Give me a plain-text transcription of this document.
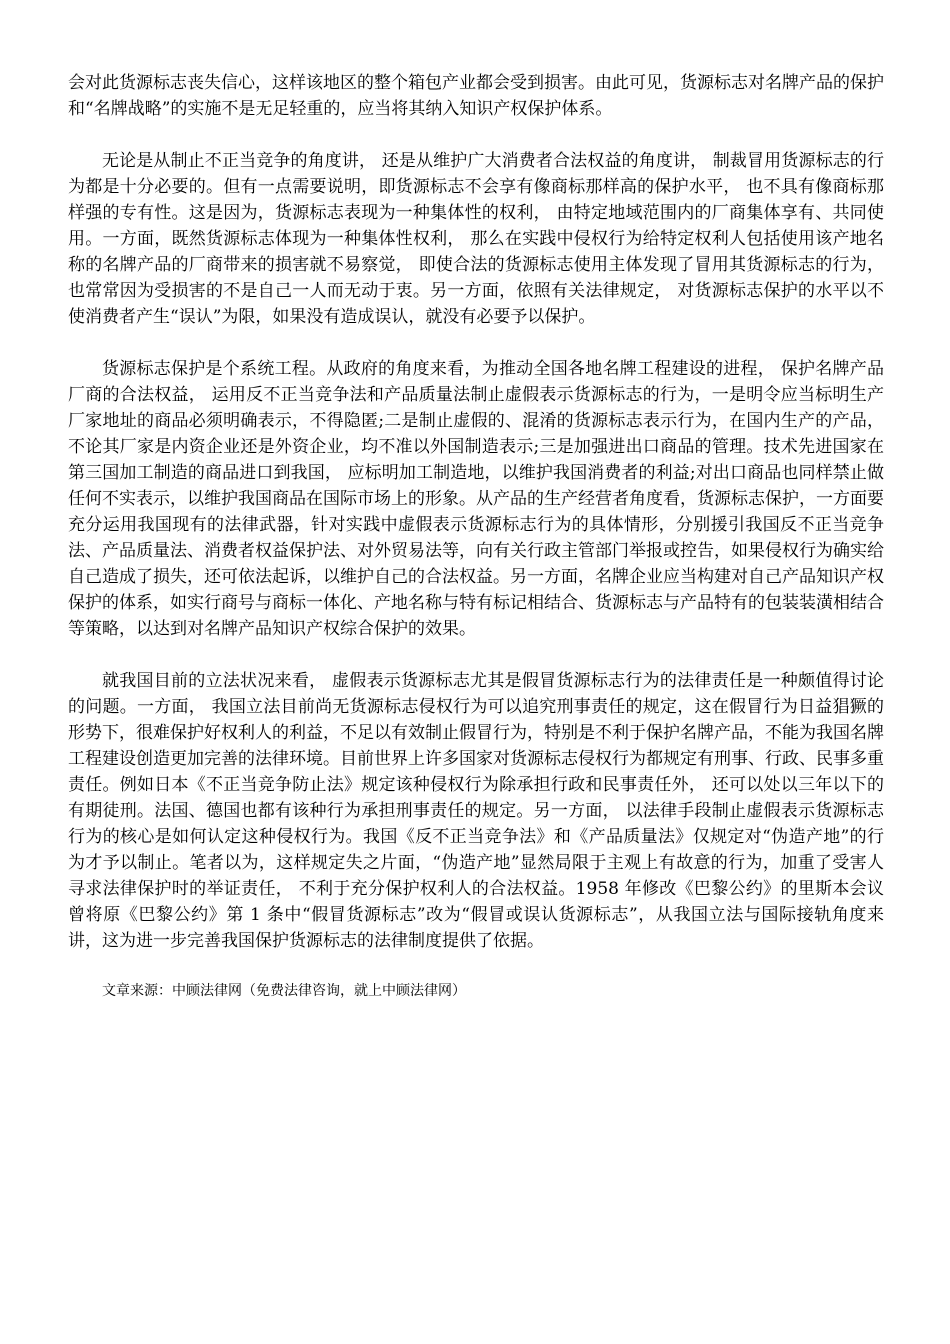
会对此货源标志丧失信心，这样该地区的整个箱包产业都会受到损害。由此可见，货源标志对名牌产品的保护和“名牌战略”的实施不是无足轻重的，应当将其纳入知识产权保护体系。

无论是从制止不正当竞争的角度讲， 还是从维护广大消费者合法权益的角度讲， 制裁冒用货源标志的行为都是十分必要的。但有一点需要说明，即货源标志不会享有像商标那样高的保护水平， 也不具有像商标那样强的专有性。这是因为，货源标志表现为一种集体性的权利， 由特定地域范围内的厂商集体享有、共同使用。一方面，既然货源标志体现为一种集体性权利， 那么在实践中侵权行为给特定权利人包括使用该产地名称的名牌产品的厂商带来的损害就不易察觉， 即使合法的货源标志使用主体发现了冒用其货源标志的行为， 也常常因为受损害的不是自己一人而无动于衷。另一方面，依照有关法律规定， 对货源标志保护的水平以不使消费者产生“误认”为限，如果没有造成误认，就没有必要予以保护。

货源标志保护是个系统工程。从政府的角度来看，为推动全国各地名牌工程建设的进程， 保护名牌产品厂商的合法权益， 运用反不正当竞争法和产品质量法制止虚假表示货源标志的行为，一是明令应当标明生产厂家地址的商品必须明确表示，不得隐匿;二是制止虚假的、混淆的货源标志表示行为，在国内生产的产品，不论其厂家是内资企业还是外资企业，均不准以外国制造表示;三是加强进出口商品的管理。技术先进国家在第三国加工制造的商品进口到我国， 应标明加工制造地，以维护我国消费者的利益;对出口商品也同样禁止做任何不实表示，以维护我国商品在国际市场上的形象。从产品的生产经营者角度看，货源标志保护，一方面要充分运用我国现有的法律武器，针对实践中虚假表示货源标志行为的具体情形，分别援引我国反不正当竞争法、产品质量法、消费者权益保护法、对外贸易法等，向有关行政主管部门举报或控告，如果侵权行为确实给自己造成了损失，还可依法起诉，以维护自己的合法权益。另一方面，名牌企业应当构建对自己产品知识产权保护的体系，如实行商号与商标一体化、产地名称与特有标记相结合、货源标志与产品特有的包装装潢相结合等策略，以达到对名牌产品知识产权综合保护的效果。

就我国目前的立法状况来看， 虚假表示货源标志尤其是假冒货源标志行为的法律责任是一种颇值得讨论的问题。一方面， 我国立法目前尚无货源标志侵权行为可以追究刑事责任的规定，这在假冒行为日益猖獗的形势下，很难保护好权利人的利益，不足以有效制止假冒行为，特别是不利于保护名牌产品，不能为我国名牌工程建设创造更加完善的法律环境。目前世界上许多国家对货源标志侵权行为都规定有刑事、行政、民事多重责任。例如日本《不正当竞争防止法》规定该种侵权行为除承担行政和民事责任外， 还可以处以三年以下的有期徒刑。法国、德国也都有该种行为承担刑事责任的规定。另一方面， 以法律手段制止虚假表示货源标志行为的核心是如何认定这种侵权行为。我国《反不正当竞争法》和《产品质量法》仅规定对“伪造产地”的行为才予以制止。笔者以为，这样规定失之片面，“伪造产地”显然局限于主观上有故意的行为，加重了受害人寻求法律保护时的举证责任， 不利于充分保护权利人的合法权益。1958 年修改《巴黎公约》的里斯本会议曾将原《巴黎公约》第 1 条中“假冒货源标志”改为“假冒或误认货源标志”，从我国立法与国际接轨角度来讲，这为进一步完善我国保护货源标志的法律制度提供了依据。

文章来源：中顾法律网（免费法律咨询，就上中顾法律网）
